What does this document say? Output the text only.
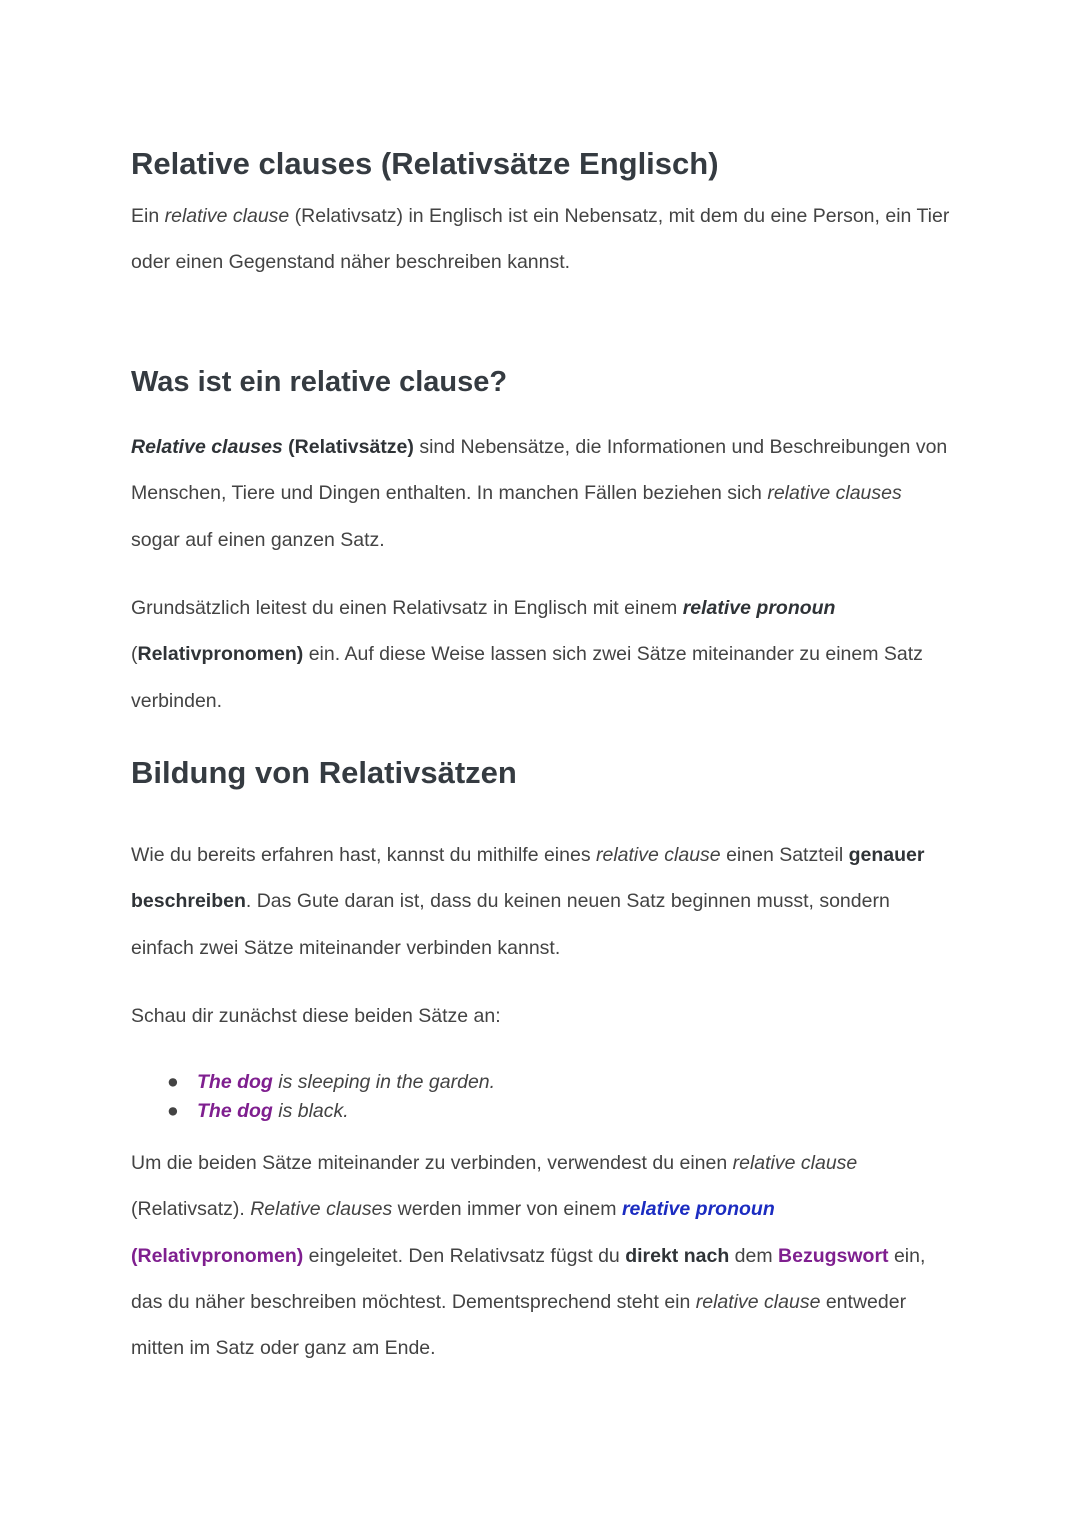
Relative clauses (Relativsätze Englisch)

Ein relative clause (Relativsatz) in Englisch ist ein Nebensatz, mit dem du eine Person, ein Tier oder einen Gegenstand näher beschreiben kannst.

Was ist ein relative clause?

Relative clauses (Relativsätze) sind Nebensätze, die Informationen und Beschreibungen von Menschen, Tiere und Dingen enthalten. In manchen Fällen beziehen sich relative clauses sogar auf einen ganzen Satz.

Grundsätzlich leitest du einen Relativsatz in Englisch mit einem relative pronoun (Relativpronomen) ein. Auf diese Weise lassen sich zwei Sätze miteinander zu einem Satz verbinden.

Bildung von Relativsätzen

Wie du bereits erfahren hast, kannst du mithilfe eines relative clause einen Satzteil genauer beschreiben. Das Gute daran ist, dass du keinen neuen Satz beginnen musst, sondern einfach zwei Sätze miteinander verbinden kannst.

Schau dir zunächst diese beiden Sätze an:

● The dog is sleeping in the garden.
● The dog is black.

Um die beiden Sätze miteinander zu verbinden, verwendest du einen relative clause (Relativsatz). Relative clauses werden immer von einem relative pronoun (Relativpronomen) eingeleitet. Den Relativsatz fügst du direkt nach dem Bezugswort ein, das du näher beschreiben möchtest. Dementsprechend steht ein relative clause entweder mitten im Satz oder ganz am Ende.
